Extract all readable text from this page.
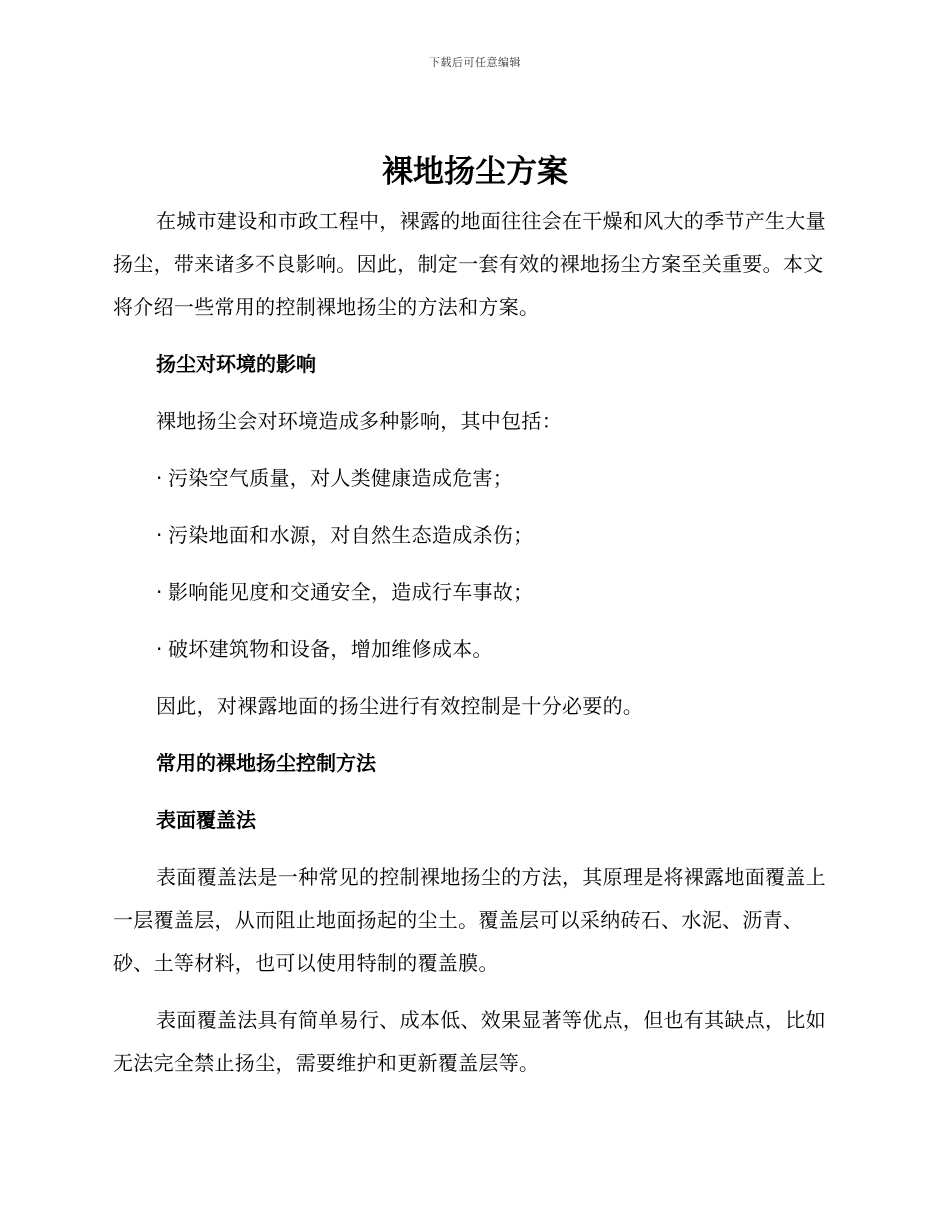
下载后可任意编辑
裸地扬尘方案

在城市建设和市政工程中，裸露的地面往往会在干燥和风大的季节产生大量扬尘，带来诸多不良影响。因此，制定一套有效的裸地扬尘方案至关重要。本文将介绍一些常用的控制裸地扬尘的方法和方案。

扬尘对环境的影响

裸地扬尘会对环境造成多种影响，其中包括：

· 污染空气质量，对人类健康造成危害；

· 污染地面和水源，对自然生态造成杀伤；

· 影响能见度和交通安全，造成行车事故；

· 破坏建筑物和设备，增加维修成本。

因此，对裸露地面的扬尘进行有效控制是十分必要的。

常用的裸地扬尘控制方法

表面覆盖法

表面覆盖法是一种常见的控制裸地扬尘的方法，其原理是将裸露地面覆盖上一层覆盖层，从而阻止地面扬起的尘土。覆盖层可以采纳砖石、水泥、沥青、砂、土等材料，也可以使用特制的覆盖膜。

表面覆盖法具有简单易行、成本低、效果显著等优点，但也有其缺点，比如无法完全禁止扬尘，需要维护和更新覆盖层等。
